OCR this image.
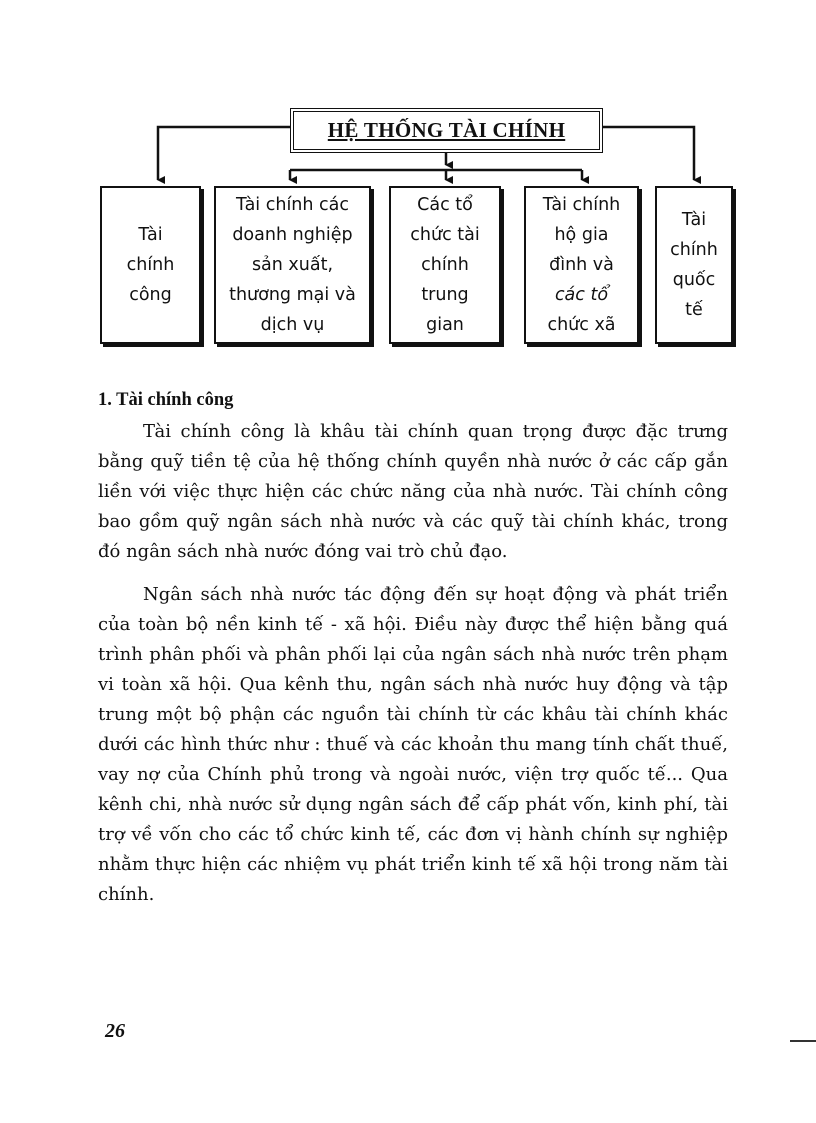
HỆ THỐNG TÀI CHÍNH
Tài
chính
công
Tài chính các
doanh nghiệp
sản xuất,
thương mại và
dịch vụ
Các tổ
chức tài
chính
trung
gian
Tài chính
hộ gia
đình và
các tổ
chức xã
Tài
chính
quốc
tế
1. Tài chính công

Tài chính công là khâu tài chính quan trọng được đặc trưng bằng quỹ tiền tệ của hệ thống chính quyền nhà nước ở các cấp gắn liền với việc thực hiện các chức năng của nhà nước. Tài chính công bao gồm quỹ ngân sách nhà nước và các quỹ tài chính khác, trong đó ngân sách nhà nước đóng vai trò chủ đạo.

Ngân sách nhà nước tác động đến sự hoạt động và phát triển của toàn bộ nền kinh tế - xã hội. Điều này được thể hiện bằng quá trình phân phối và phân phối lại của ngân sách nhà nước trên phạm vi toàn xã hội. Qua kênh thu, ngân sách nhà nước huy động và tập trung một bộ phận các nguồn tài chính từ các khâu tài chính khác dưới các hình thức như : thuế và các khoản thu mang tính chất thuế, vay nợ của Chính phủ trong và ngoài nước, viện trợ quốc tế... Qua kênh chi, nhà nước sử dụng ngân sách để cấp phát vốn, kinh phí, tài trợ về vốn cho các tổ chức kinh tế, các đơn vị hành chính sự nghiệp nhằm thực hiện các nhiệm vụ phát triển kinh tế xã hội trong năm tài chính.

26
